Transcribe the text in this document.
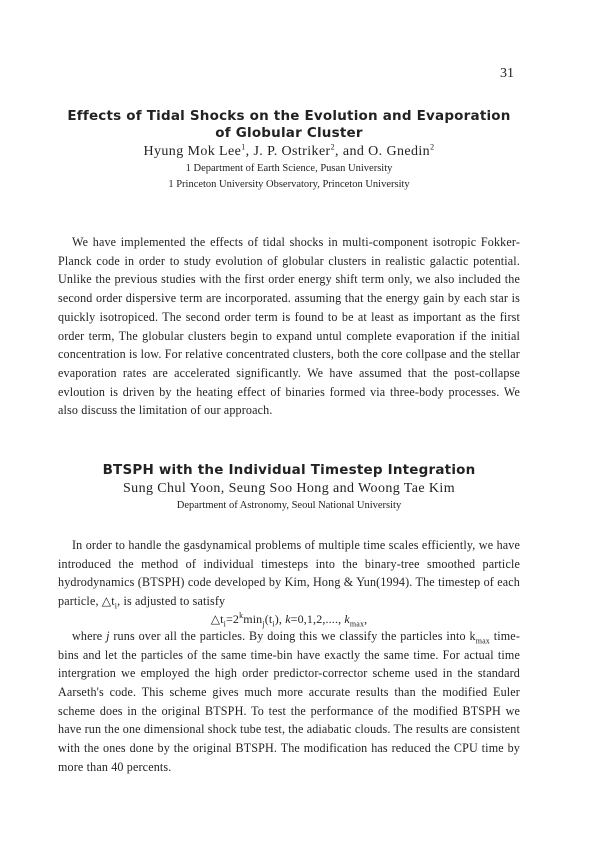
31
Effects of Tidal Shocks on the Evolution and Evaporation
of Globular Cluster
Hyung Mok Lee$^1$, J. P. Ostriker$^2$, and O. Gnedin$^2$
1 Department of Earth Science, Pusan University
1 Princeton University Observatory, Princeton University

We have implemented the effects of tidal shocks in multi-component isotropic Fokker-Planck code in order to study evolution of globular clusters in realistic galactic potential. Unlike the previous studies with the first order energy shift term only, we also included the second order dispersive term are incorporated. assuming that the energy gain by each star is quickly isotropiced. The second order term is found to be at least as important as the first order term, The globular clusters begin to expand untul complete evaporation if the initial concentration is low. For relative concentrated clusters, both the core collpase and the stellar evaporation rates are accelerated significantly. We have assumed that the post-collapse evloution is driven by the heating effect of binaries formed via three-body processes. We also discuss the limitation of our approach.

BTSPH with the Individual Timestep Integration
Sung Chul Yoon, Seung Soo Hong and Woong Tae Kim
Department of Astronomy, Seoul National University

In order to handle the gasdynamical problems of multiple time scales efficiently, we have introduced the method of individual timesteps into the binary-tree smoothed particle hydrodynamics (BTSPH) code developed by Kim, Hong & Yun(1994). The timestep of each particle, $\triangle t_i$, is adjusted to satisfy

$\triangle t_i=2^k\min_j(t_i)$, k=0,1,2,...., $k_{max}$,

where j runs over all the particles. By doing this we classify the particles into $k_{max}$ time-bins and let the particles of the same time-bin have exactly the same time. For actual time intergration we employed the high order predictor-corrector scheme used in the standard Aarseth's code. This scheme gives much more accurate results than the modified Euler scheme does in the original BTSPH. To test the performance of the modified BTSPH we have run the one dimensional shock tube test, the adiabatic clouds. The results are consistent with the ones done by the original BTSPH. The modification has reduced the CPU time by more than 40 percents.
